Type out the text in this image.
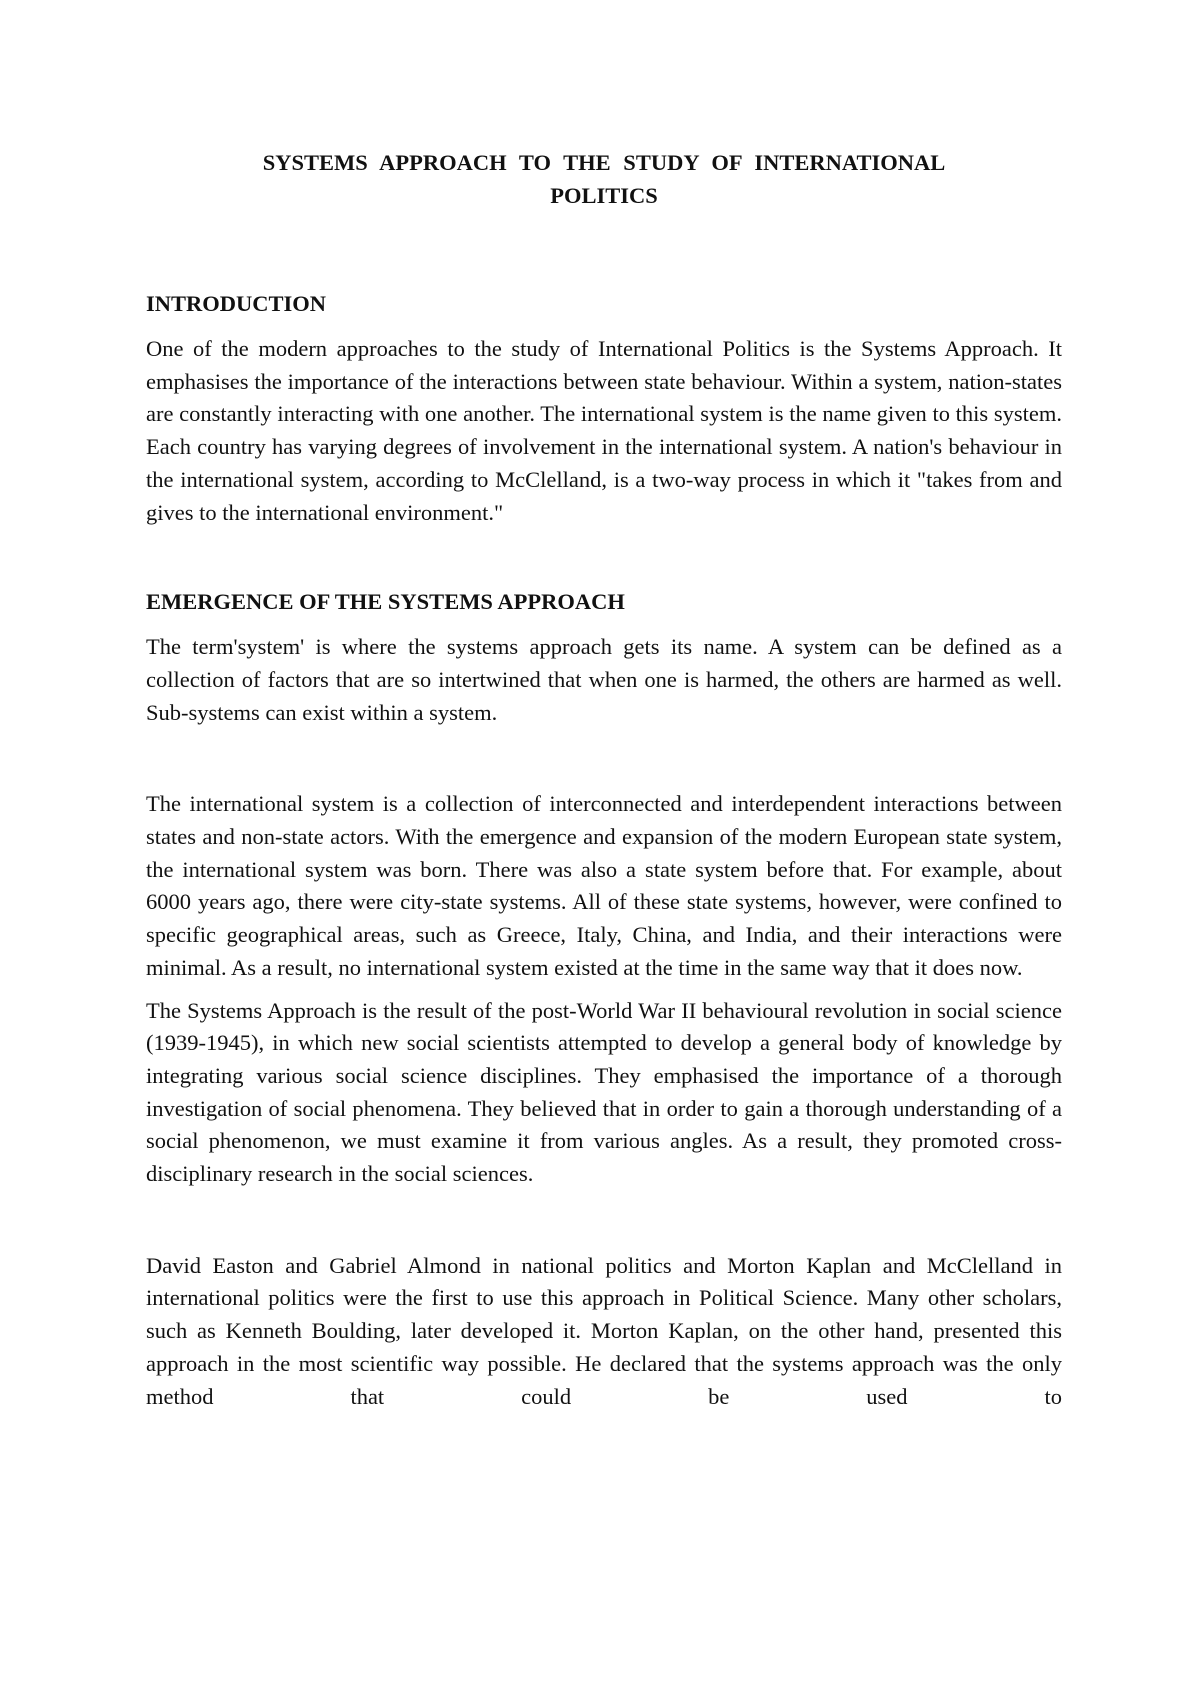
SYSTEMS APPROACH TO THE STUDY OF INTERNATIONAL
POLITICS
INTRODUCTION

One of the modern approaches to the study of International Politics is the Systems Approach. It emphasises the importance of the interactions between state behaviour. Within a system, nation-states are constantly interacting with one another. The international system is the name given to this system. Each country has varying degrees of involvement in the international system. A nation's behaviour in the international system, according to McClelland, is a two-way process in which it "takes from and gives to the international environment."

EMERGENCE OF THE SYSTEMS APPROACH

The term'system' is where the systems approach gets its name. A system can be defined as a collection of factors that are so intertwined that when one is harmed, the others are harmed as well. Sub-systems can exist within a system.

The international system is a collection of interconnected and interdependent interactions between states and non-state actors. With the emergence and expansion of the modern European state system, the international system was born. There was also a state system before that. For example, about 6000 years ago, there were city-state systems. All of these state systems, however, were confined to specific geographical areas, such as Greece, Italy, China, and India, and their interactions were minimal. As a result, no international system existed at the time in the same way that it does now.

The Systems Approach is the result of the post-World War II behavioural revolution in social science (1939-1945), in which new social scientists attempted to develop a general body of knowledge by integrating various social science disciplines. They emphasised the importance of a thorough investigation of social phenomena. They believed that in order to gain a thorough understanding of a social phenomenon, we must examine it from various angles. As a result, they promoted cross-disciplinary research in the social sciences.

David Easton and Gabriel Almond in national politics and Morton Kaplan and McClelland in international politics were the first to use this approach in Political Science. Many other scholars, such as Kenneth Boulding, later developed it. Morton Kaplan, on the other hand, presented this approach in the most scientific way possible. He declared that the systems approach was the only method that could be used to
